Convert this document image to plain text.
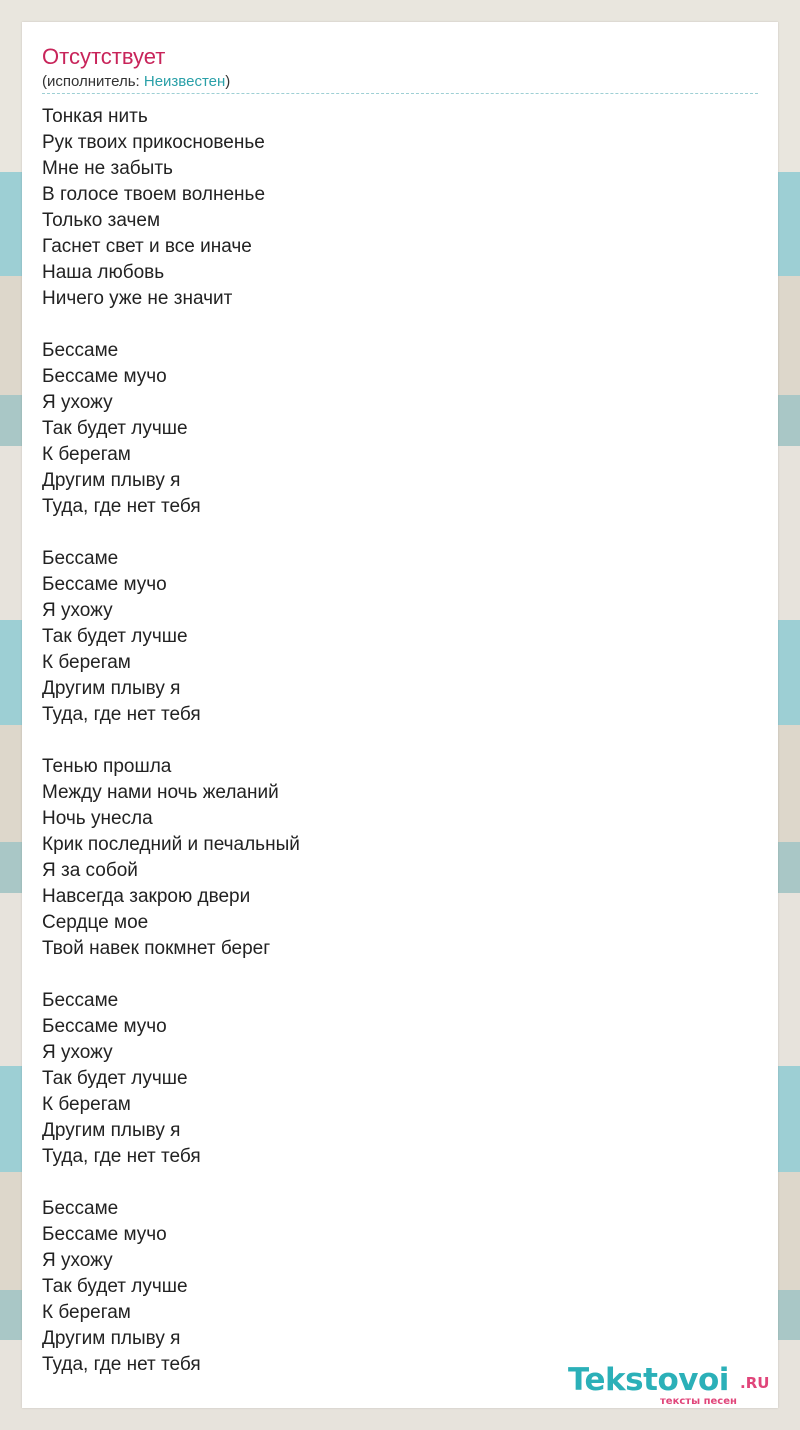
Отсутствует
(исполнитель: Неизвестен)
Тонкая нить
Рук твоих прикосновенье
Мне не забыть
В голосе твоем волненье
Только зачем
Гаснет свет и все иначе
Наша любовь
Ничего уже не значит
Бессаме
Бессаме мучо
Я ухожу
Так будет лучше
К берегам
Другим плыву я
Туда, где нет тебя
Бессаме
Бессаме мучо
Я ухожу
Так будет лучше
К берегам
Другим плыву я
Туда, где нет тебя
Тенью прошла
Между нами ночь желаний
Ночь унесла
Крик последний и печальный
Я за собой
Навсегда закрою двери
Сердце мое
Твой навек покмнет берег
Бессаме
Бессаме мучо
Я ухожу
Так будет лучше
К берегам
Другим плыву я
Туда, где нет тебя
Бессаме
Бессаме мучо
Я ухожу
Так будет лучше
К берегам
Другим плыву я
Туда, где нет тебя	Tekstovoi .RU
тексты песен
